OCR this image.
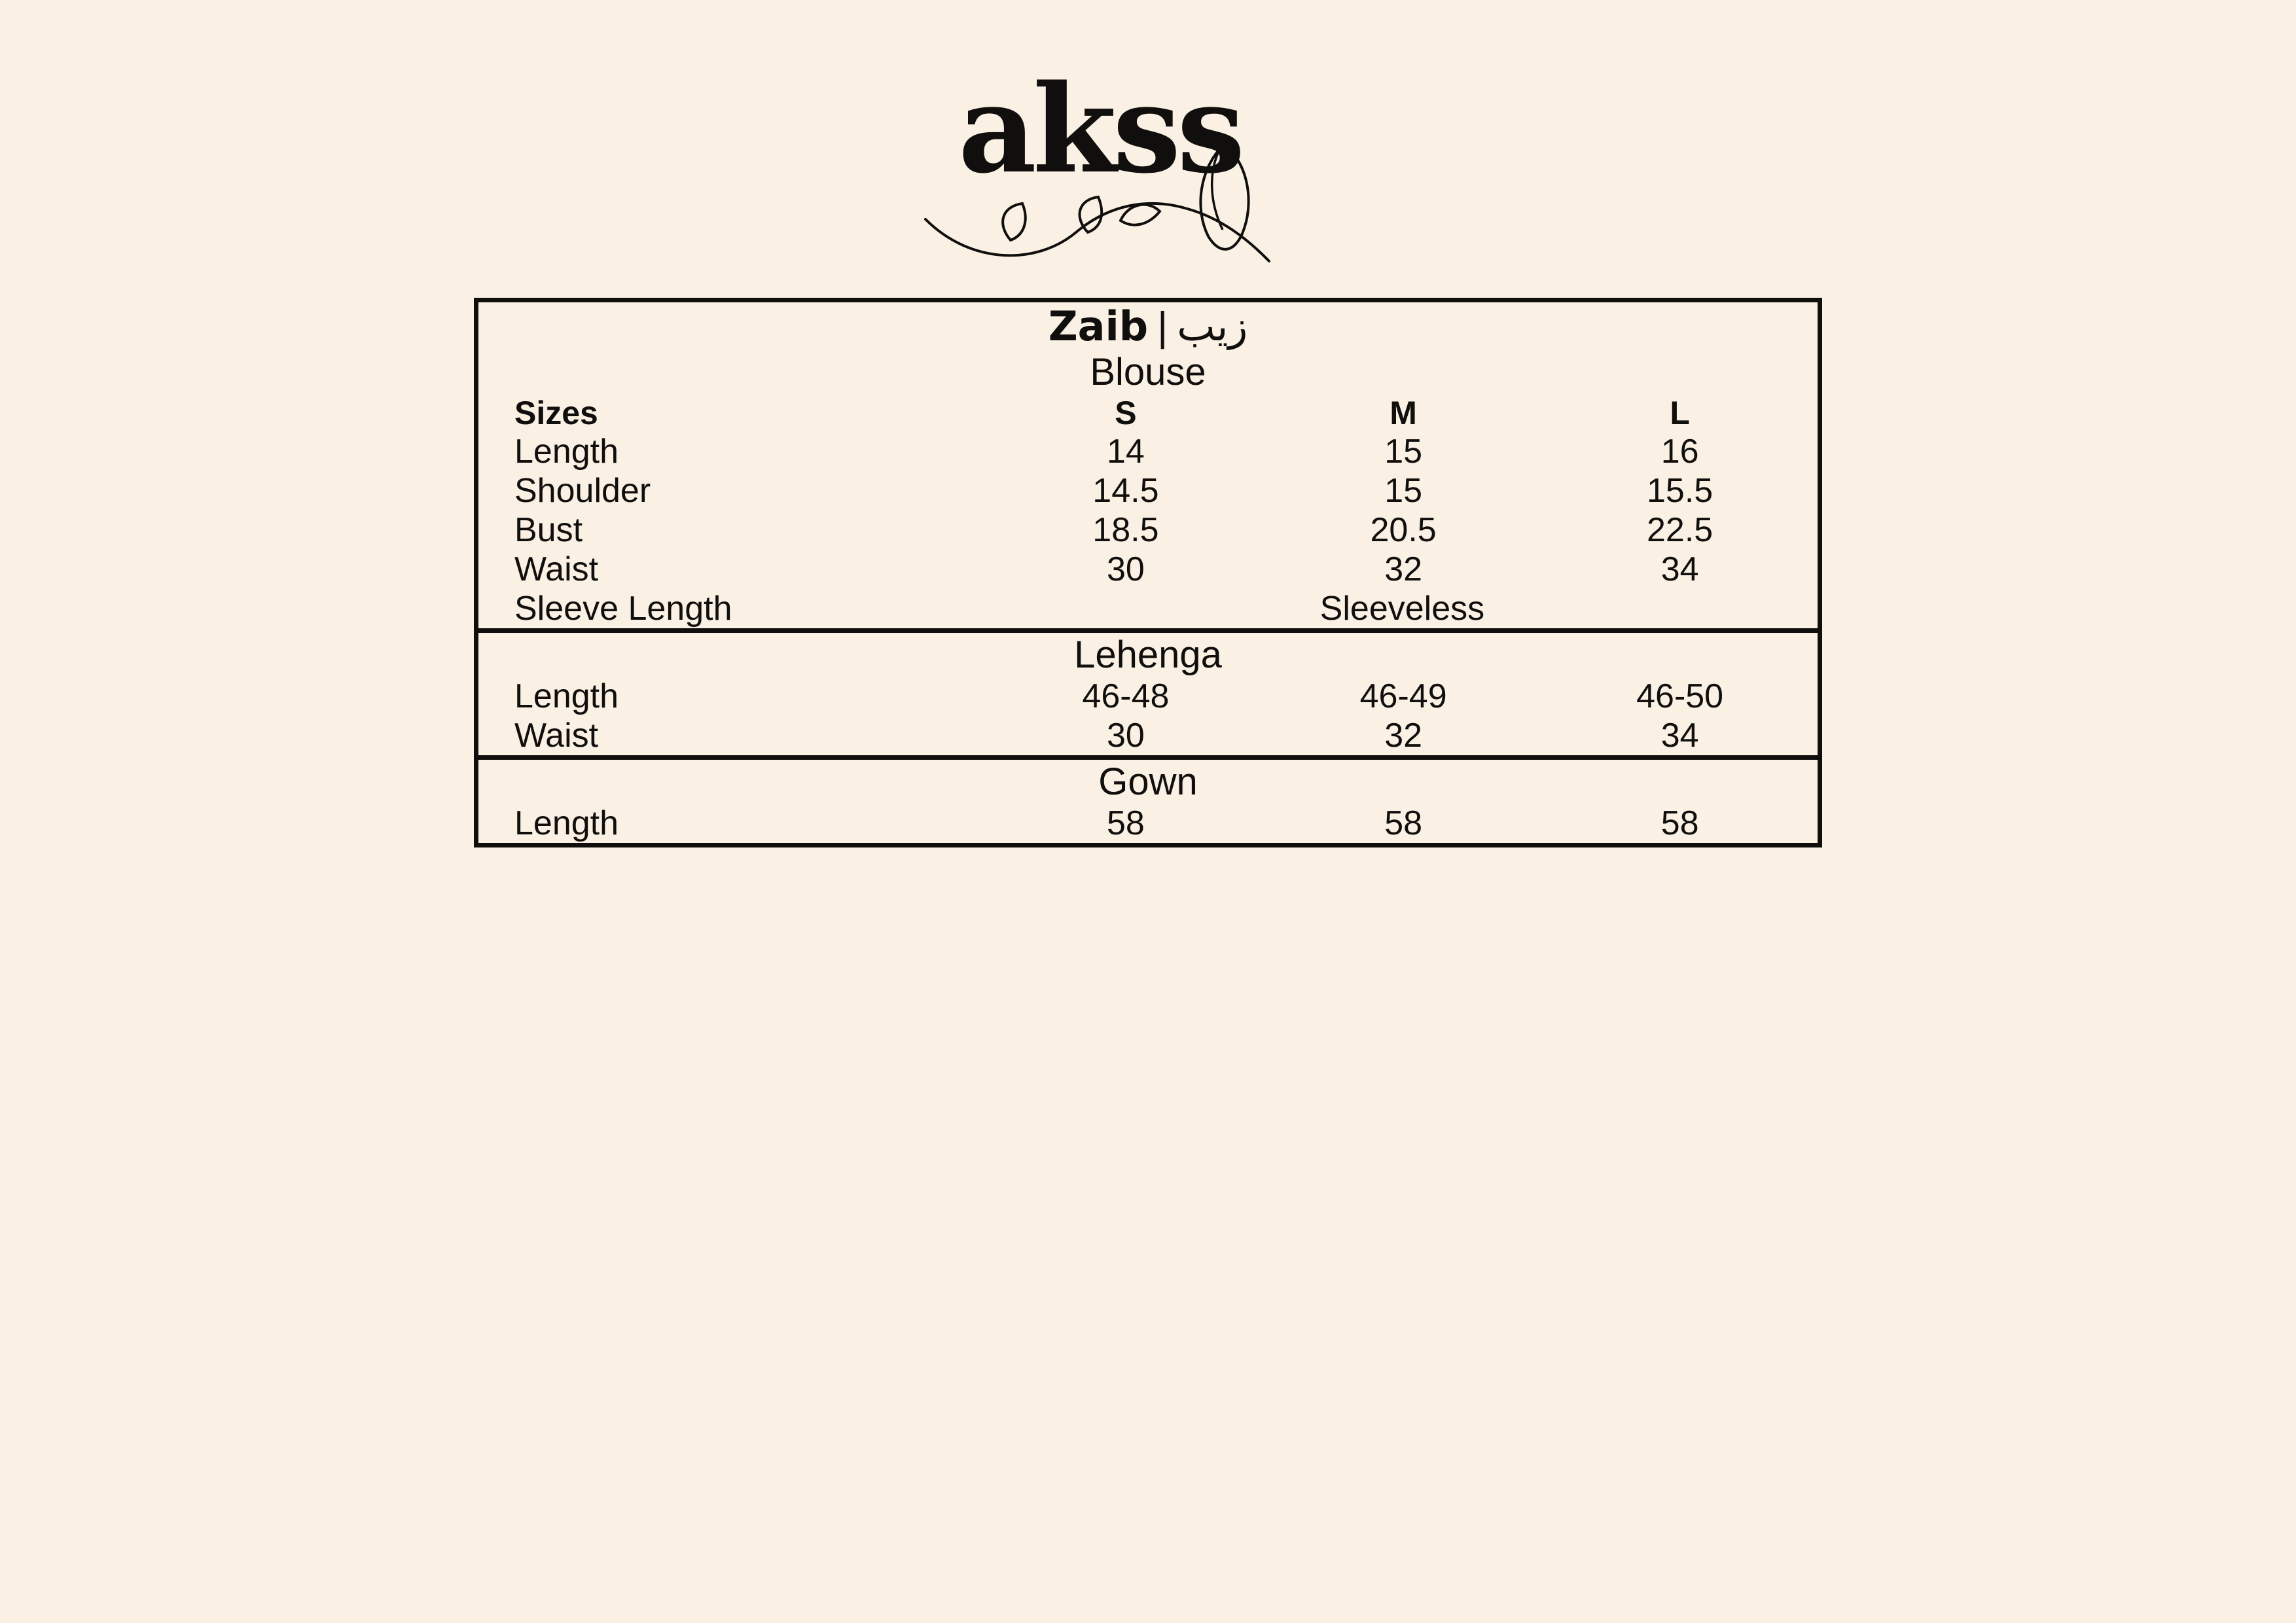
akss
Zaib | زيب			
Blouse			
Sizes	S	M	L
Length	14	15	16
Shoulder	14.5	15	15.5
Bust	18.5	20.5	22.5
Waist	30	32	34
Sleeve Length	Sleeveless		
Lehenga			
Length	46-48	46-49	46-50
Waist	30	32	34
Gown			
Length	58	58	58
